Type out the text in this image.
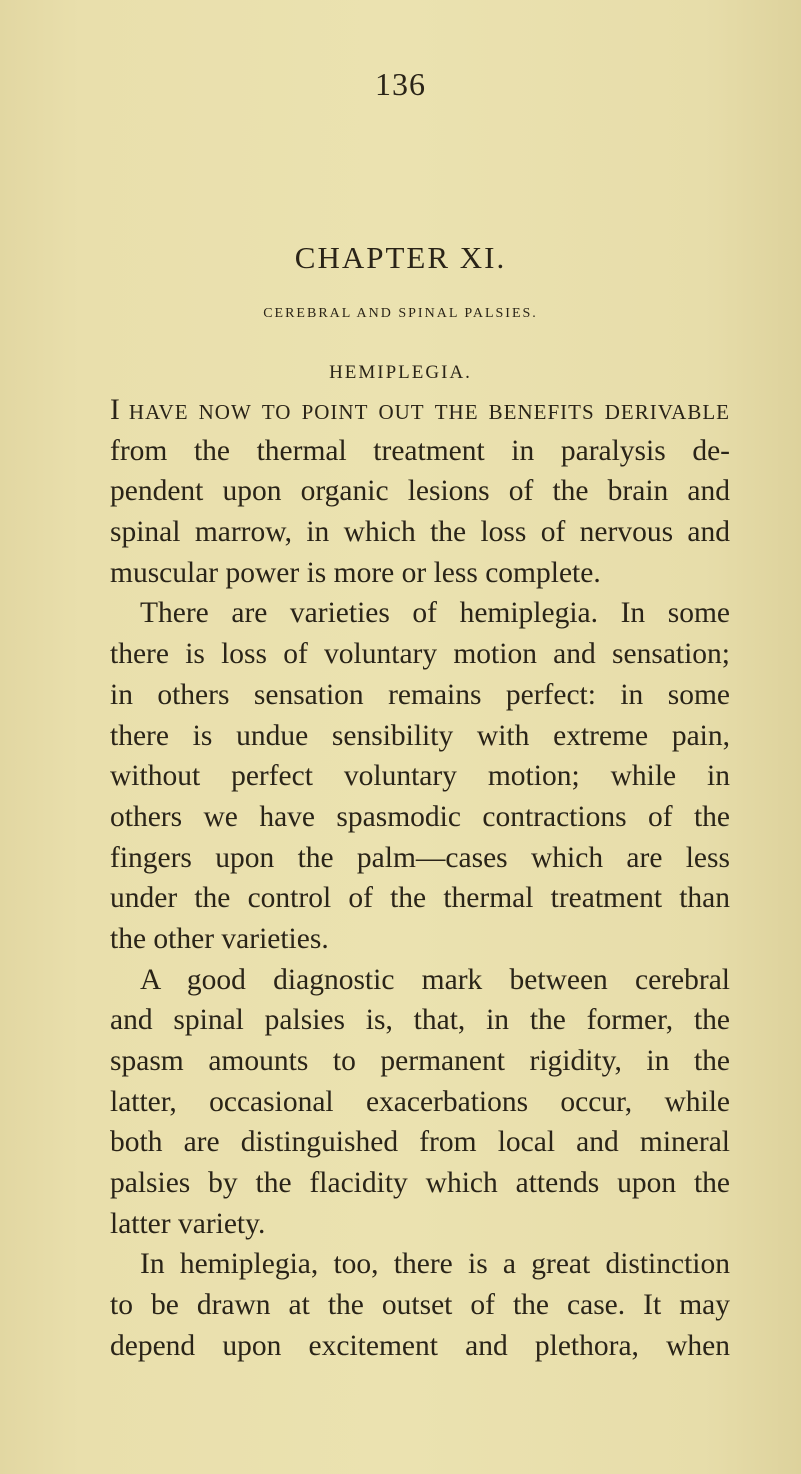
136
CHAPTER XI.
CEREBRAL AND SPINAL PALSIES.
HEMIPLEGIA.
I have now to point out the benefits derivable
from the thermal treatment in paralysis de-
pendent upon organic lesions of the brain and
spinal marrow, in which the loss of nervous and
muscular power is more or less complete.
There are varieties of hemiplegia. In some
there is loss of voluntary motion and sensation;
in others sensation remains perfect: in some
there is undue sensibility with extreme pain,
without perfect voluntary motion; while in
others we have spasmodic contractions of the
fingers upon the palm—cases which are less
under the control of the thermal treatment than
the other varieties.
A good diagnostic mark between cerebral
and spinal palsies is, that, in the former, the
spasm amounts to permanent rigidity, in the
latter, occasional exacerbations occur, while
both are distinguished from local and mineral
palsies by the flacidity which attends upon the
latter variety.
In hemiplegia, too, there is a great distinction
to be drawn at the outset of the case. It may
depend upon excitement and plethora, when
